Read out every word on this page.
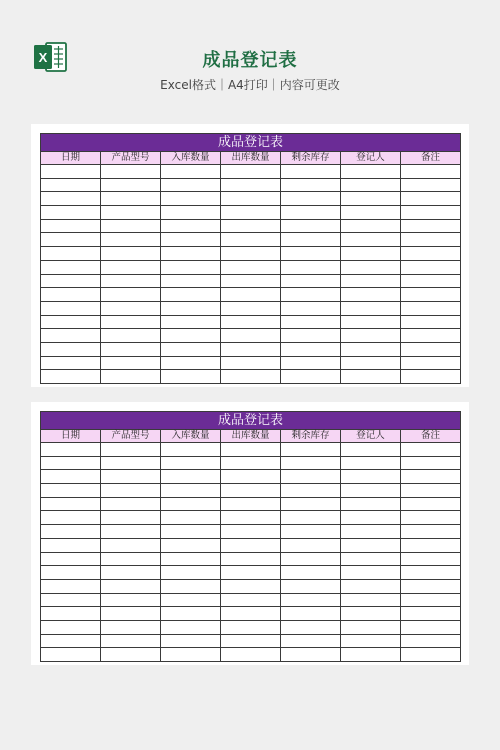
X	成品登记表
Excel格式｜A4打印｜内容可更改
成品登记表						
日期	产品型号	入库数量	出库数量	剩余库存	登记人	备注

成品登记表						
日期	产品型号	入库数量	出库数量	剩余库存	登记人	备注
